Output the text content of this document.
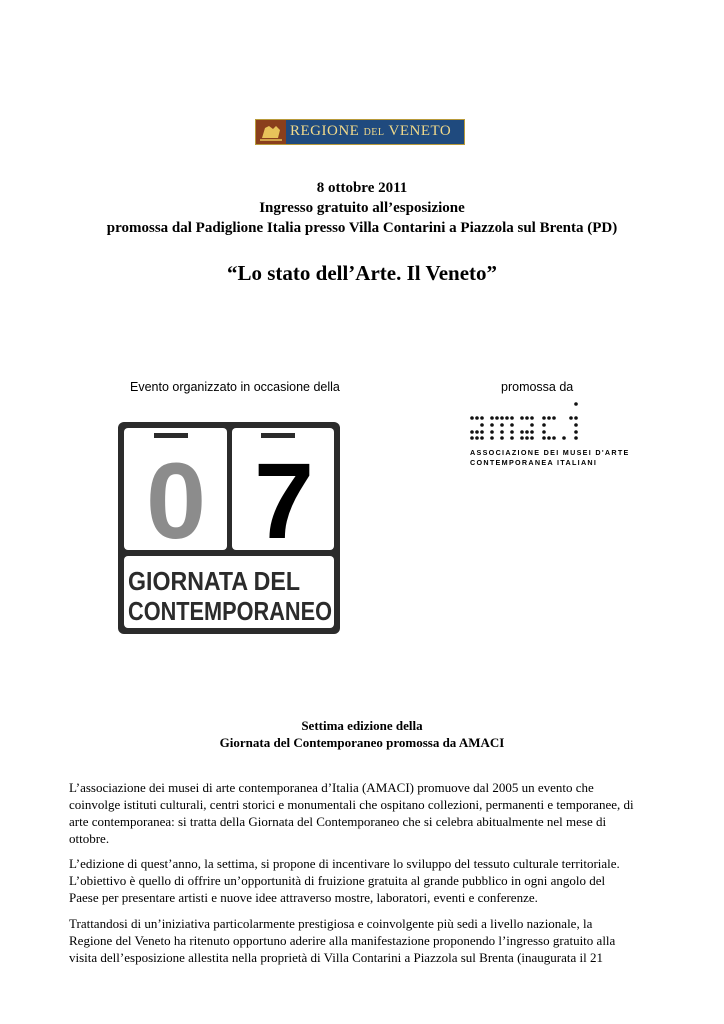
REGIONE DEL VENETO
8 ottobre 2011
Ingresso gratuito all’esposizione
promossa dal Padiglione Italia presso Villa Contarini a Piazzola sul Brenta (PD)
“Lo stato dell’Arte. Il Veneto”
Evento organizzato in occasione della	promossa da
0 7
GIORNATA DEL
CONTEMPORANEO
ASSOCIAZIONE DEI MUSEI D'ARTE
CONTEMPORANEA ITALIANI
Settima edizione della
Giornata del Contemporaneo promossa da AMACI
L’associazione dei musei di arte contemporanea d’Italia (AMACI) promuove dal 2005 un evento che
coinvolge istituti culturali, centri storici e monumentali che ospitano collezioni, permanenti e temporanee, di
arte contemporanea: si tratta della Giornata del Contemporaneo che si celebra abitualmente nel mese di
ottobre.
L’edizione di quest’anno, la settima, si propone di incentivare lo sviluppo del tessuto culturale territoriale.
L’obiettivo è quello di offrire un’opportunità di fruizione gratuita al grande pubblico in ogni angolo del
Paese per presentare artisti e nuove idee attraverso mostre, laboratori, eventi e conferenze.
Trattandosi di un’iniziativa particolarmente prestigiosa e coinvolgente più sedi a livello nazionale, la
Regione del Veneto ha ritenuto opportuno aderire alla manifestazione proponendo l’ingresso gratuito alla
visita dell’esposizione allestita nella proprietà di Villa Contarini a Piazzola sul Brenta (inaugurata il 21
